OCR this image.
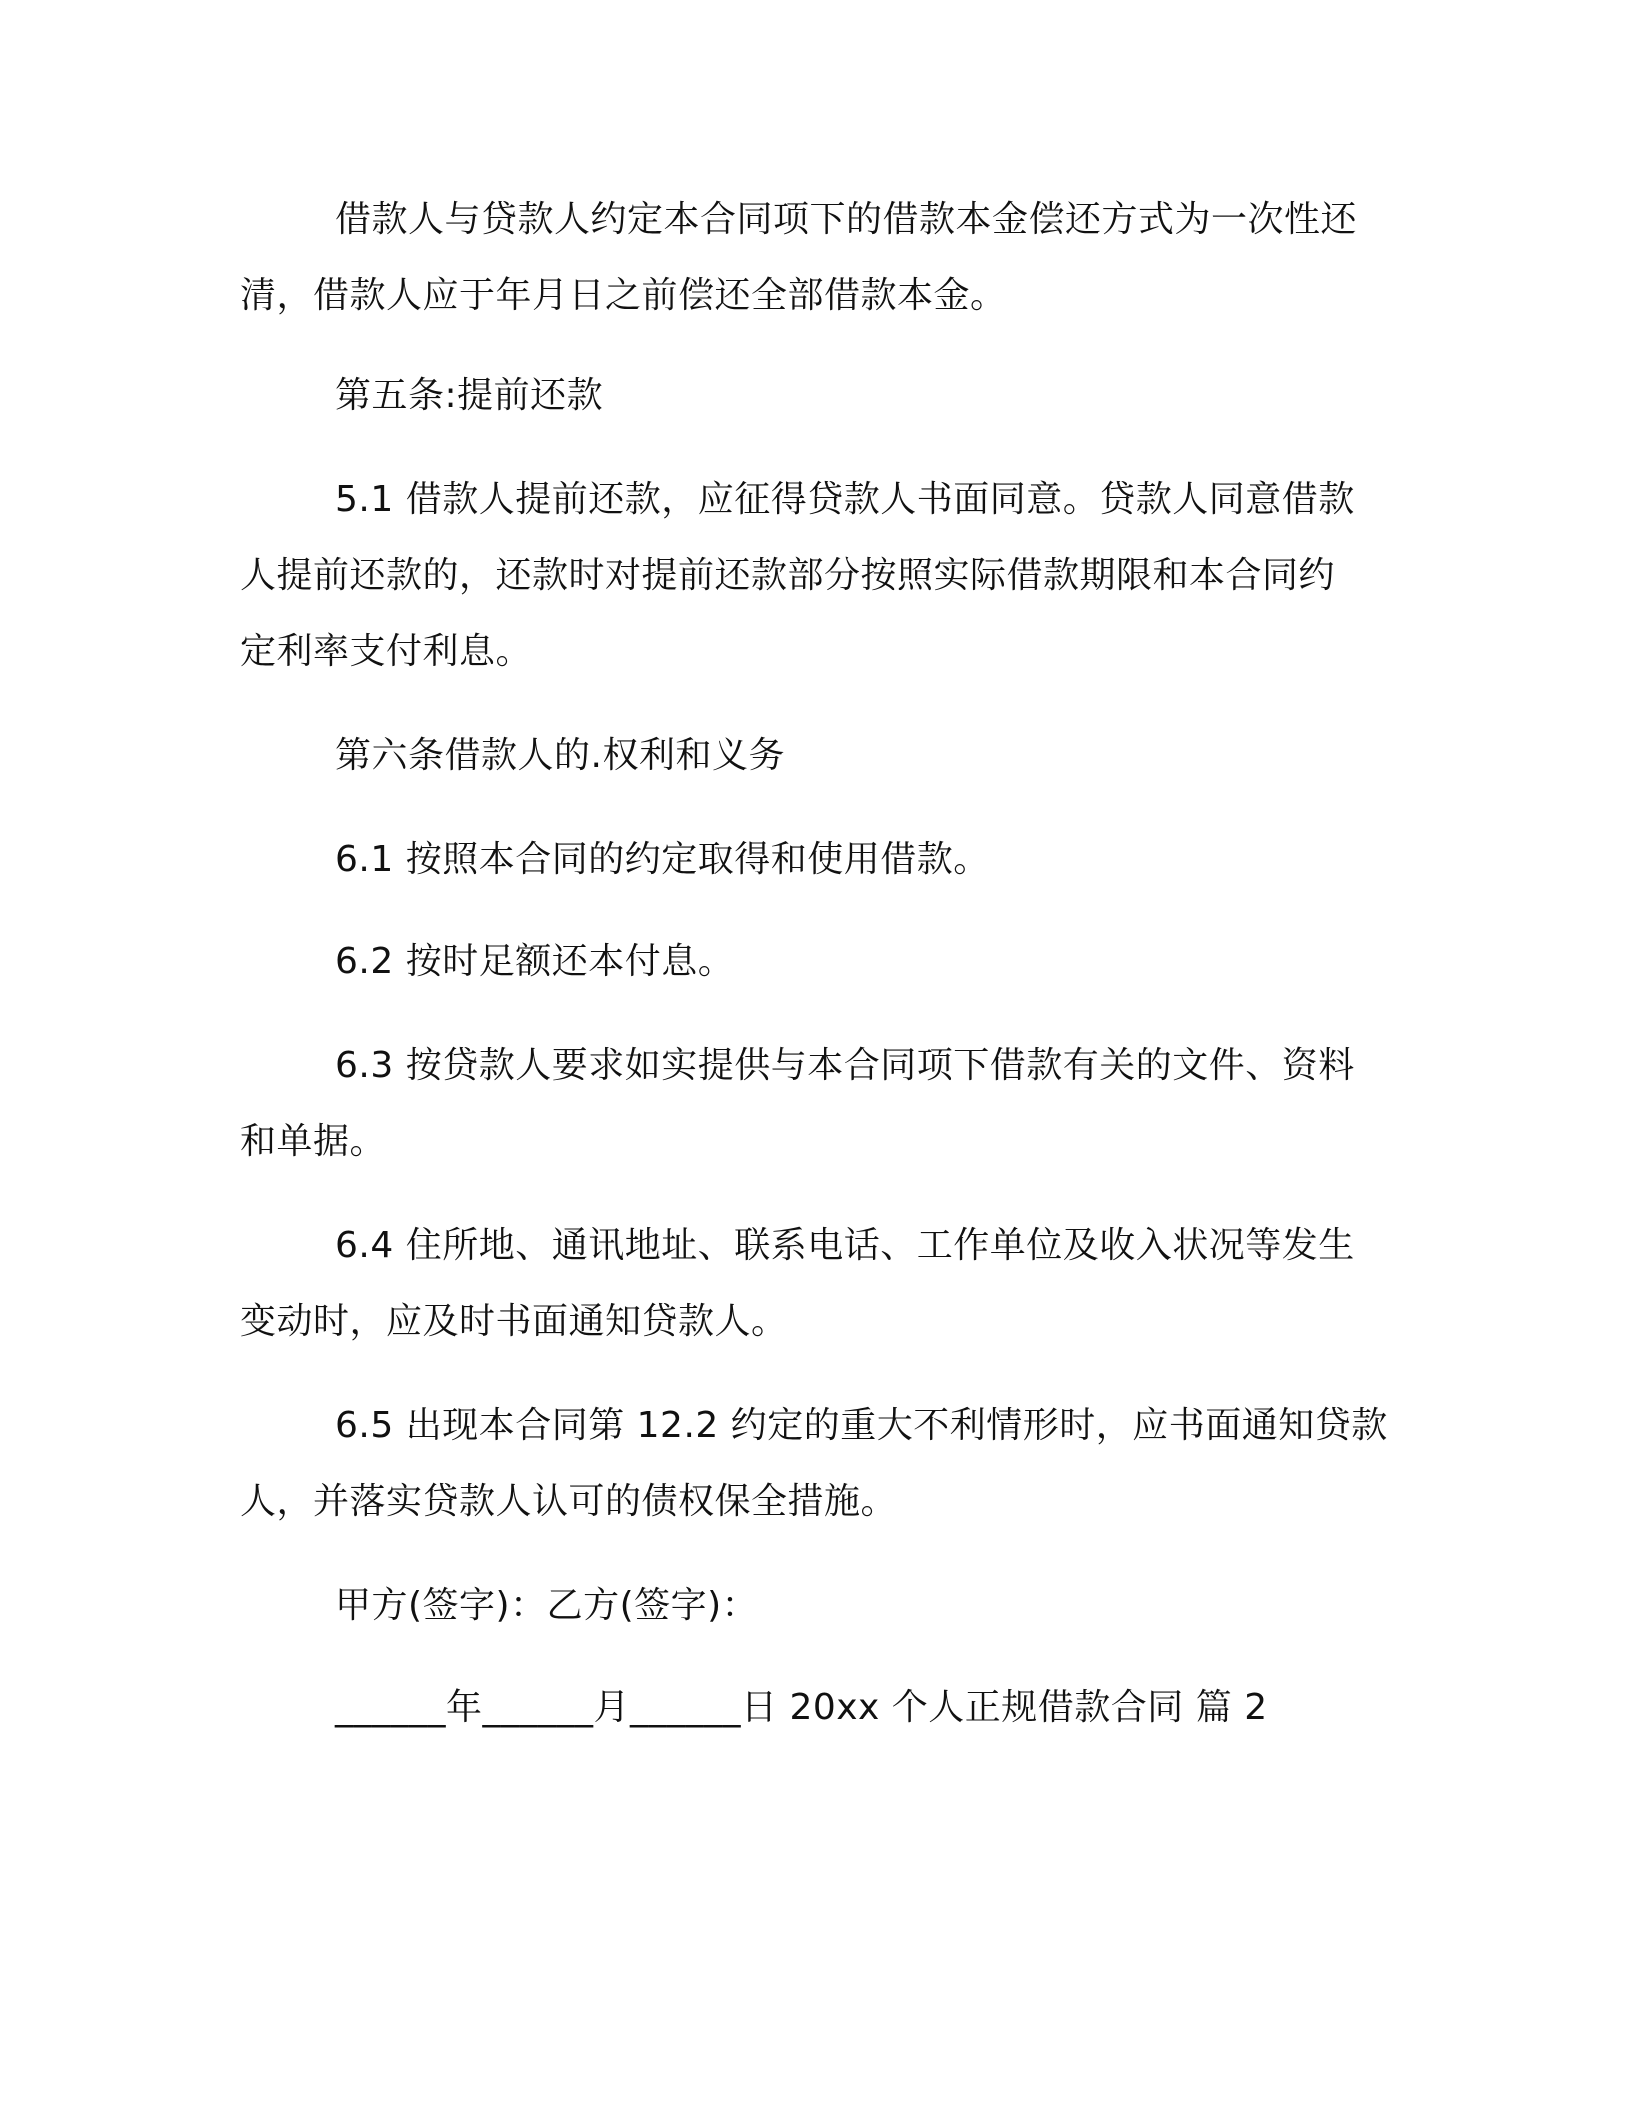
借款人与贷款人约定本合同项下的借款本金偿还方式为一次性还
清，借款人应于年月日之前偿还全部借款本金。
第五条:提前还款
5.1 借款人提前还款，应征得贷款人书面同意。贷款人同意借款
人提前还款的，还款时对提前还款部分按照实际借款期限和本合同约
定利率支付利息。
第六条借款人的.权利和义务
6.1 按照本合同的约定取得和使用借款。
6.2 按时足额还本付息。
6.3 按贷款人要求如实提供与本合同项下借款有关的文件、资料
和单据。
6.4 住所地、通讯地址、联系电话、工作单位及收入状况等发生
变动时，应及时书面通知贷款人。
6.5 出现本合同第 12.2 约定的重大不利情形时，应书面通知贷款
人，并落实贷款人认可的债权保全措施。
甲方(签字)：乙方(签字)：
______年______月______日 20xx 个人正规借款合同 篇 2
